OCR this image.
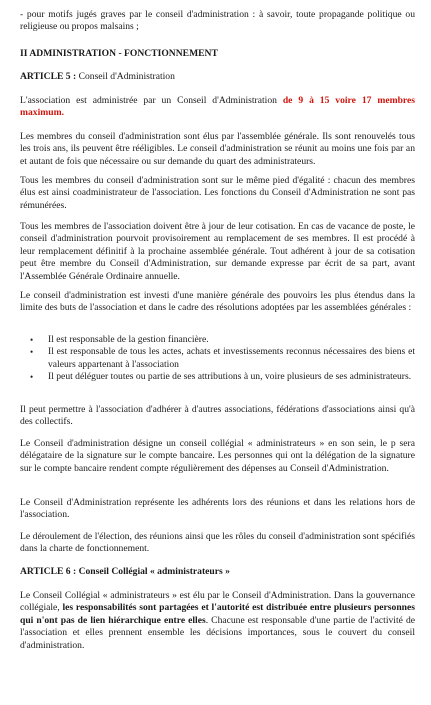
- pour motifs jugés graves par le conseil d'administration : à savoir, toute propagande politique ou religieuse ou propos malsains ;

II ADMINISTRATION - FONCTIONNEMENT

ARTICLE 5 : Conseil d'Administration

L'association est administrée par un Conseil d'Administration de 9 à 15 voire 17 membres maximum.

Les membres du conseil d'administration sont élus par l'assemblée générale. Ils sont renouvelés tous les trois ans, ils peuvent être rééligibles. Le conseil d'administration se réunit au moins une fois par an et autant de fois que nécessaire ou sur demande du quart des administrateurs.

Tous les membres du conseil d'administration sont sur le même pied d'égalité : chacun des membres élus est ainsi coadministrateur de l'association. Les fonctions du Conseil d'Administration ne sont pas rémunérées.

Tous les membres de l'association doivent être à jour de leur cotisation. En cas de vacance de poste, le conseil d'administration pourvoit provisoirement au remplacement de ses membres. Il est procédé à leur remplacement définitif à la prochaine assemblée générale. Tout adhérent à jour de sa cotisation peut être membre du Conseil d'Administration, sur demande expresse par écrit de sa part, avant l'Assemblée Générale Ordinaire annuelle.

Le conseil d'administration est investi d'une manière générale des pouvoirs les plus étendus dans la limite des buts de l'association et dans le cadre des résolutions adoptées par les assemblées générales :

• Il est responsable de la gestion financière.
• Il est responsable de tous les actes, achats et investissements reconnus nécessaires des biens et valeurs appartenant à l'association
• Il peut déléguer toutes ou partie de ses attributions à un, voire plusieurs de ses administrateurs.

Il peut permettre à l'association d'adhérer à d'autres associations, fédérations d'associations ainsi qu'à des collectifs.

Le Conseil d'administration désigne un conseil collégial « administrateurs » en son sein, le p sera délégataire de la signature sur le compte bancaire. Les personnes qui ont la délégation de la signature sur le compte bancaire rendent compte régulièrement des dépenses au Conseil d'Administration.

Le Conseil d'Administration représente les adhérents lors des réunions et dans les relations hors de l'association.

Le déroulement de l'élection, des réunions ainsi que les rôles du conseil d'administration sont spécifiés dans la charte de fonctionnement.

ARTICLE 6 : Conseil Collégial « administrateurs »

Le Conseil Collégial « administrateurs » est élu par le Conseil d'Administration. Dans la gouvernance collégiale, les responsabilités sont partagées et l'autorité est distribuée entre plusieurs personnes qui n'ont pas de lien hiérarchique entre elles. Chacune est responsable d'une partie de l'activité de l'association et elles prennent ensemble les décisions importances, sous le couvert du conseil d'administration.
